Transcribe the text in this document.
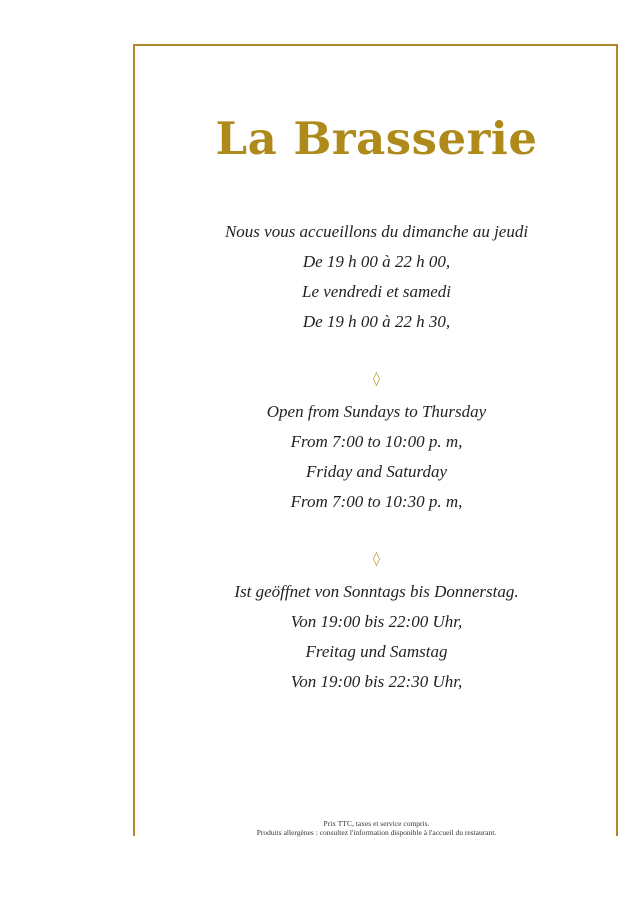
La Brasserie
Nous vous accueillons du dimanche au jeudi
De 19 h 00 à 22 h 00,
Le vendredi et samedi
De 19 h 00 à 22 h 30,
◊
Open from Sundays to Thursday
From 7:00 to 10:00 p. m,
Friday and Saturday
From 7:00 to 10:30 p. m,
◊
Ist geöffnet von Sonntags bis Donnerstag.
Von 19:00 bis 22:00 Uhr,
Freitag und Samstag
Von 19:00 bis 22:30 Uhr,
Prix TTC, taxes et service compris.
Produits allergènes : consultez l'information disponible à l'accueil du restaurant.
